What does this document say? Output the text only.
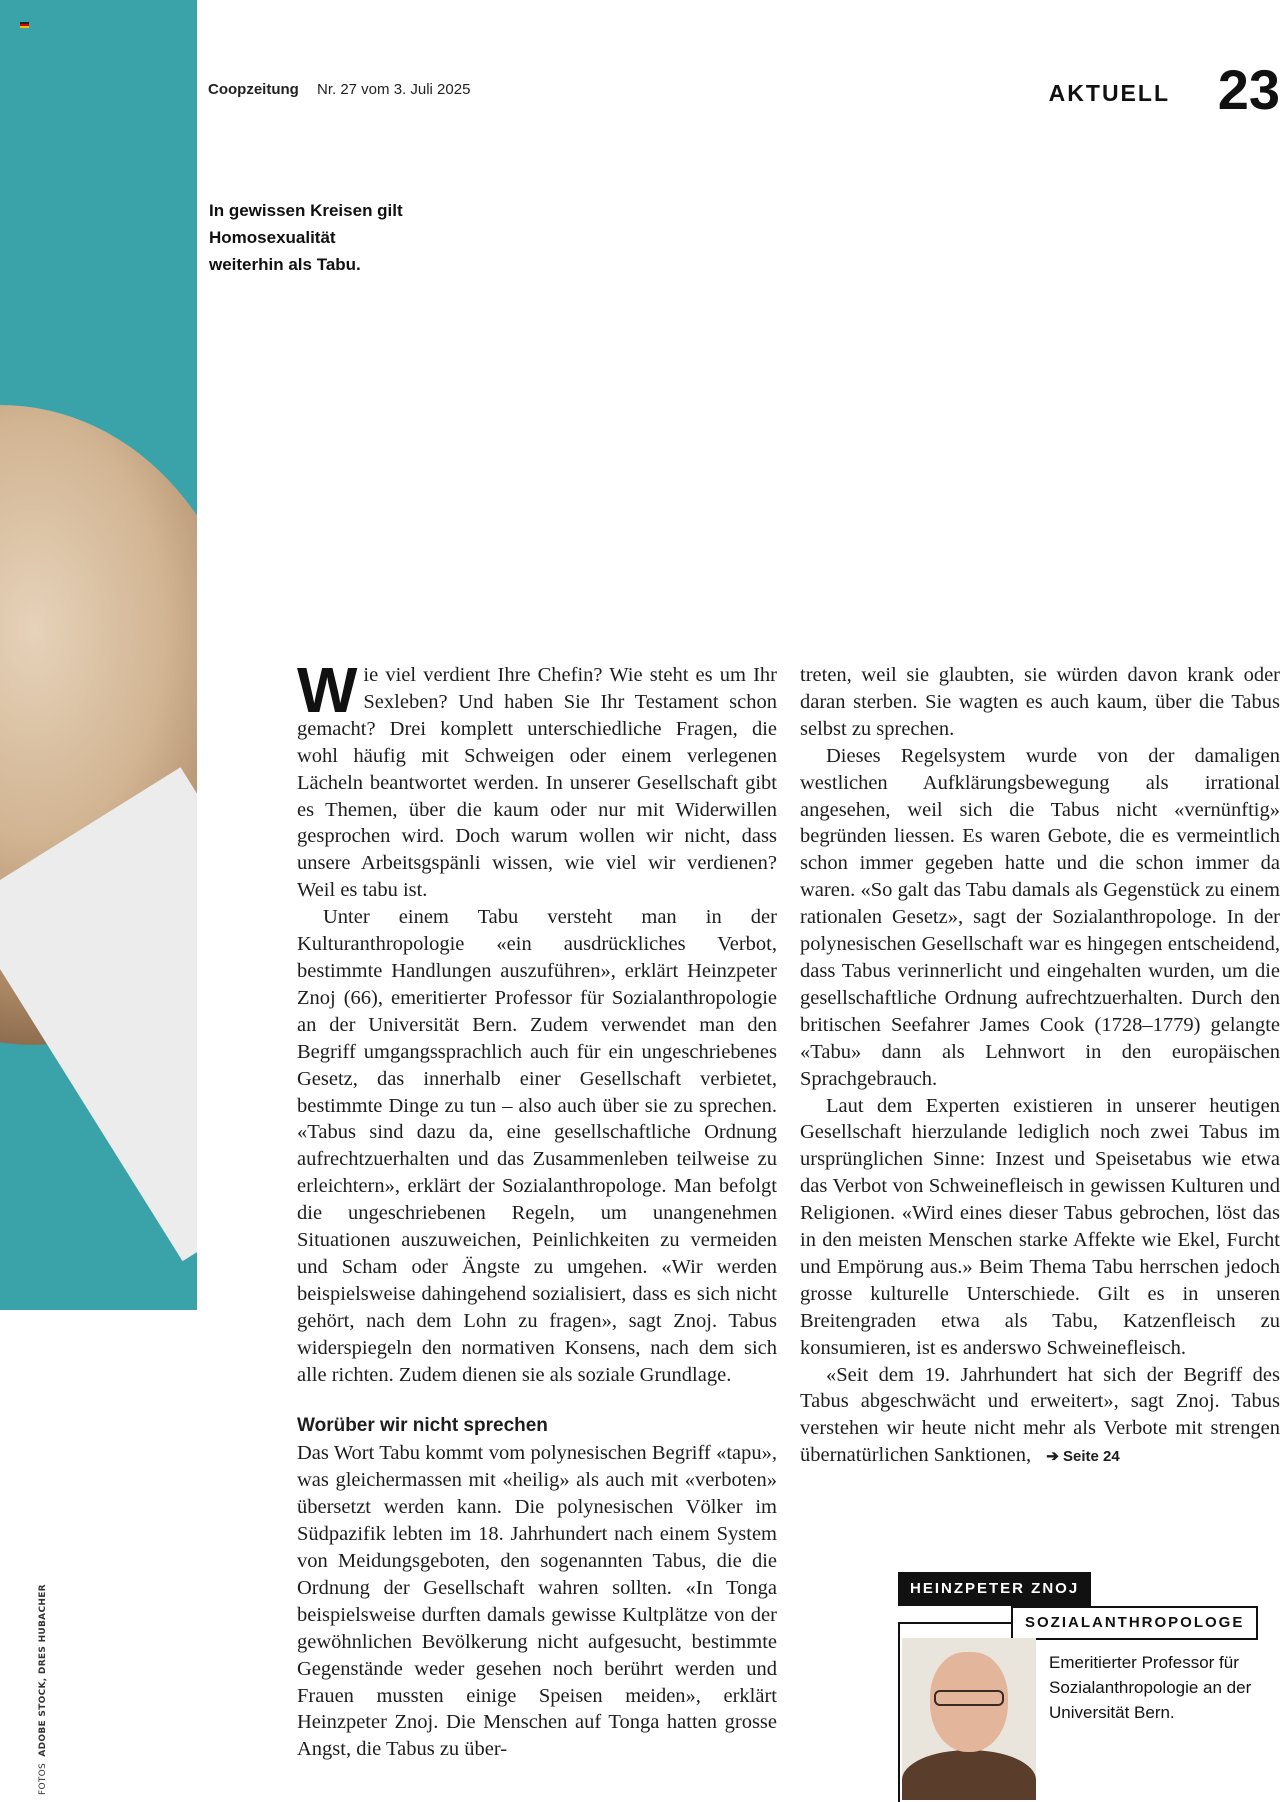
FOTOS  ADOBE STOCK, DRES HUBACHER
Coopzeitung Nr. 27 vom 3. Juli 2025	AKTUELL 23
In gewissen Kreisen gilt Homosexualität weiterhin als Tabu.

Wie viel verdient Ihre Chefin? Wie steht es um Ihr Sexleben? Und haben Sie Ihr Testament schon gemacht? Drei komplett unterschiedliche Fragen, die wohl häufig mit Schweigen oder einem verlegenen Lächeln beantwortet werden. In unserer Gesellschaft gibt es Themen, über die kaum oder nur mit Widerwillen gesprochen wird. Doch warum wollen wir nicht, dass unsere Arbeitsgspänli wissen, wie viel wir verdienen? Weil es tabu ist.

Unter einem Tabu versteht man in der Kulturanthropologie «ein ausdrückliches Verbot, bestimmte Handlungen auszuführen», erklärt Heinzpeter Znoj (66), emeritierter Professor für Sozialanthropologie an der Universität Bern. Zudem verwendet man den Begriff umgangssprachlich auch für ein ungeschriebenes Gesetz, das innerhalb einer Gesellschaft verbietet, bestimmte Dinge zu tun – also auch über sie zu sprechen. «Tabus sind dazu da, eine gesellschaftliche Ordnung aufrechtzuerhalten und das Zusammenleben teilweise zu erleichtern», erklärt der Sozialanthropologe. Man befolgt die ungeschriebenen Regeln, um unangenehmen Situationen auszuweichen, Peinlichkeiten zu vermeiden und Scham oder Ängste zu umgehen. «Wir werden beispielsweise dahingehend sozialisiert, dass es sich nicht gehört, nach dem Lohn zu fragen», sagt Znoj. Tabus widerspiegeln den normativen Konsens, nach dem sich alle richten. Zudem dienen sie als soziale Grundlage.

Worüber wir nicht sprechen

Das Wort Tabu kommt vom polynesischen Begriff «tapu», was gleichermassen mit «heilig» als auch mit «verboten» übersetzt werden kann. Die polynesischen Völker im Südpazifik lebten im 18. Jahrhundert nach einem System von Meidungsgeboten, den sogenannten Tabus, die die Ordnung der Gesellschaft wahren sollten. «In Tonga beispielsweise durften damals gewisse Kultplätze von der gewöhnlichen Bevölkerung nicht aufgesucht, bestimmte Gegenstände weder gesehen noch berührt werden und Frauen mussten einige Speisen meiden», erklärt Heinzpeter Znoj. Die Menschen auf Tonga hatten grosse Angst, die Tabus zu über-

treten, weil sie glaubten, sie würden davon krank oder daran sterben. Sie wagten es auch kaum, über die Tabus selbst zu sprechen.

Dieses Regelsystem wurde von der damaligen westlichen Aufklärungsbewegung als irrational angesehen, weil sich die Tabus nicht «vernünftig» begründen liessen. Es waren Gebote, die es vermeintlich schon immer gegeben hatte und die schon immer da waren. «So galt das Tabu damals als Gegenstück zu einem rationalen Gesetz», sagt der Sozialanthropologe. In der polynesischen Gesellschaft war es hingegen entscheidend, dass Tabus verinnerlicht und eingehalten wurden, um die gesellschaftliche Ordnung aufrechtzuerhalten. Durch den britischen Seefahrer James Cook (1728–1779) gelangte «Tabu» dann als Lehnwort in den europäischen Sprachgebrauch.

Laut dem Experten existieren in unserer heutigen Gesellschaft hierzulande lediglich noch zwei Tabus im ursprünglichen Sinne: Inzest und Speisetabus wie etwa das Verbot von Schweinefleisch in gewissen Kulturen und Religionen. «Wird eines dieser Tabus gebrochen, löst das in den meisten Menschen starke Affekte wie Ekel, Furcht und Empörung aus.» Beim Thema Tabu herrschen jedoch grosse kulturelle Unterschiede. Gilt es in unseren Breitengraden etwa als Tabu, Katzenfleisch zu konsumieren, ist es anderswo Schweinefleisch.

«Seit dem 19. Jahrhundert hat sich der Begriff des Tabus abgeschwächt und erweitert», sagt Znoj. Tabus verstehen wir heute nicht mehr als Verbote mit strengen übernatürlichen Sanktionen, ➔ Seite 24

HEINZPETER ZNOJ
SOZIALANTHROPOLOGE
Emeritierter Professor für Sozialanthropologie an der Universität Bern.
